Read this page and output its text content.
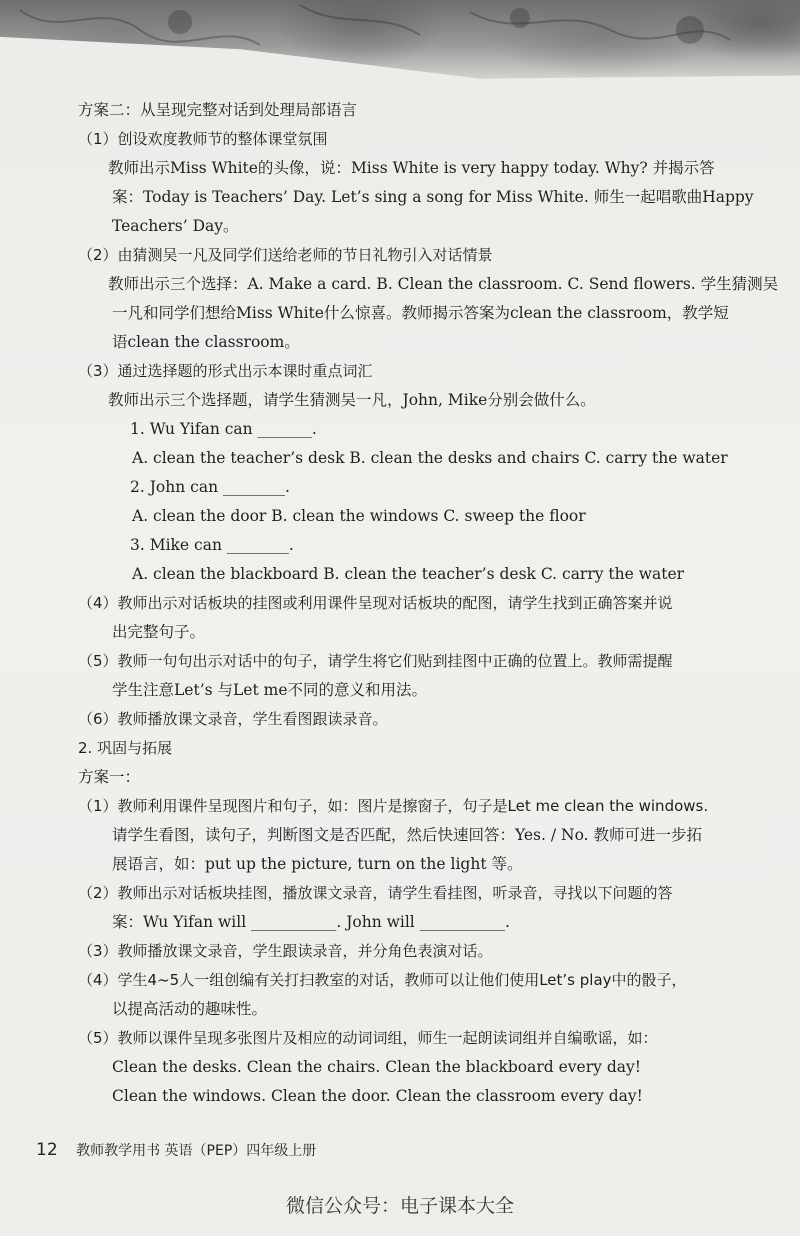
方案二：从呈现完整对话到处理局部语言
（1）创设欢度教师节的整体课堂氛围
教师出示Miss White的头像，说：Miss White is very happy today. Why? 并揭示答
案：Today is Teachers’ Day. Let’s sing a song for Miss White. 师生一起唱歌曲Happy
Teachers’ Day。
（2）由猜测吴一凡及同学们送给老师的节日礼物引入对话情景
教师出示三个选择：A. Make a card. B. Clean the classroom. C. Send flowers. 学生猜测吴
一凡和同学们想给Miss White什么惊喜。教师揭示答案为clean the classroom，教学短
语clean the classroom。
（3）通过选择题的形式出示本课时重点词汇
教师出示三个选择题，请学生猜测吴一凡，John, Mike分别会做什么。
1. Wu Yifan can _______.
A. clean the teacher’s desk B. clean the desks and chairs C. carry the water
2. John can ________.
A. clean the door B. clean the windows C. sweep the floor
3. Mike can ________.
A. clean the blackboard B. clean the teacher’s desk C. carry the water
（4）教师出示对话板块的挂图或利用课件呈现对话板块的配图，请学生找到正确答案并说
出完整句子。
（5）教师一句句出示对话中的句子，请学生将它们贴到挂图中正确的位置上。教师需提醒
学生注意Let’s 与Let me不同的意义和用法。
（6）教师播放课文录音，学生看图跟读录音。
2. 巩固与拓展
方案一：
（1）教师利用课件呈现图片和句子，如：图片是擦窗子，句子是Let me clean the windows.
请学生看图，读句子，判断图文是否匹配，然后快速回答：Yes. / No. 教师可进一步拓
展语言，如：put up the picture, turn on the light 等。
（2）教师出示对话板块挂图，播放课文录音，请学生看挂图，听录音，寻找以下问题的答
案：Wu Yifan will ___________. John will ___________.
（3）教师播放课文录音，学生跟读录音，并分角色表演对话。
（4）学生4~5人一组创编有关打扫教室的对话，教师可以让他们使用Let’s play中的骰子，
以提高活动的趣味性。
（5）教师以课件呈现多张图片及相应的动词词组，师生一起朗读词组并自编歌谣，如：
Clean the desks. Clean the chairs. Clean the blackboard every day!
Clean the windows. Clean the door. Clean the classroom every day!
12 教师教学用书 英语（PEP）四年级上册
微信公众号：电子课本大全
